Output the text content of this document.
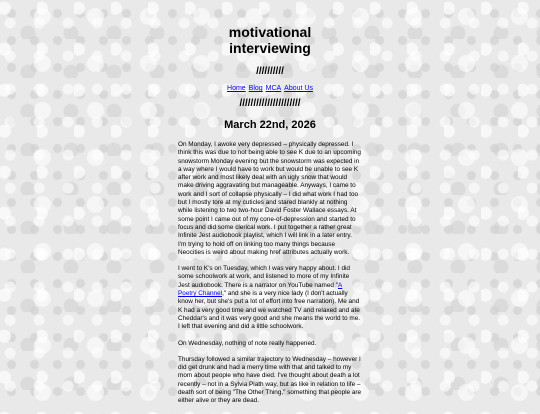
motivational
interviewing
//////////
Home Blog MCA About Us
//////////////////////
March 22nd, 2026

On Monday, I awoke very depressed – physically depressed. I think this was due to not being able to see K due to an upcoming snowstorm Monday evening but the snowstorm was expected in a way where I would have to work but would be unable to see K after work and most likely deal with an ugly snow that would make driving aggravating but manageable. Anyways, I came to work and I sort of collapse physically – I did what work I had too but I mostly tore at my cuticles and stared blankly at nothing while listening to two two-hour David Foster Wallace essays. At some point I came out of my cone-of-depression and started to focus and did some clerical work. I put together a rather great Infinite Jest audiobook playlist, which I will link in a later entry. I'm trying to hold off on linking too many things because Neocities is weird about making href attributes actually work.

I went to K's on Tuesday, which I was very happy about. I did some schoolwork at work, and listened to more of my Infinite Jest audiobook. There is a narrator on YouTube named "A Poetry Channel," and she is a very nice lady (I don't actually know her, but she's put a lot of effort into free narration). Me and K had a very good time and we watched TV and relaxed and ate Cheddar's and it was very good and she means the world to me. I left that evening and did a little schoolwork.

On Wednesday, nothing of note really happened.

Thursday followed a similar trajectory to Wednesday – however I did get drunk and had a merry time with that and talked to my mom about people who have died. I've thought about death a lot recently – not in a Sylvia Plath way, but as like in relation to life – death sort of being "The Other Thing," something that people are either alive or they are dead.
